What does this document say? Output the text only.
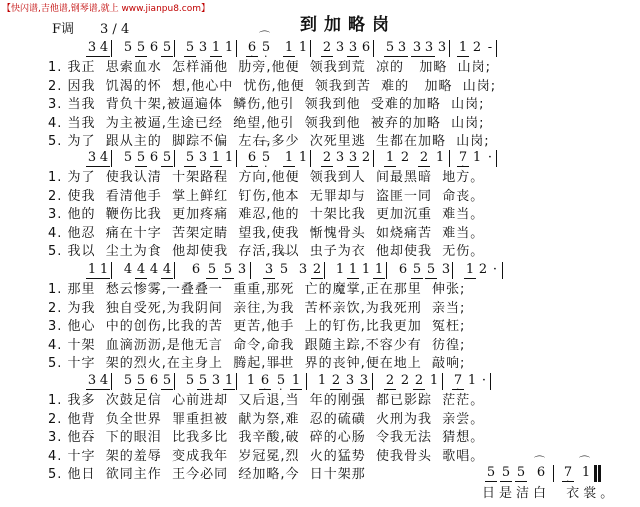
【快闪谱,吉他谱,钢琴谱,就上 www.jianpu8.com】
F调 3 / 4	到加略岗
3 4 5 5 6 5 5 3 1 1 6 · ⌒ 5 · 1 1 2 3 3 6 5 3 3 3 3 1 2 -
1. 我正  思索血水  怎样涌他  肋旁,他便  领我到荒  凉的   加略  山岗;
2. 因我  饥渴的怀  想,他心中  忧伤,他便  领我到苦  难的   加略  山岗;
3. 当我  背负十架,被逼遍体  鳞伤,他引  领我到他  受难的加略  山岗;
4. 当我  为主被逼,生途已经  绝望,他引  领我到他  被弃的加略  山岗;
5. 为了  跟从主的  脚踪不偏  左右,多少  次死里逃  生都在加略  山岗;
3 4 5 5 6 5 5 3 1 1 6 · ⌒ 5 · 1 1 2 3 3 2 1 2 2 1 7 · 1 ·
1. 为了  使我认清  十架路程  方向,他便  领我到人  间最黑暗  地方。
2. 使我  看清他手  掌上鲜红  钉伤,他本  无罪却与  盗匪一同  命丧。
3. 他的  鞭伤比我  更加疼痛  难忍,他的  十架比我  更加沉重  难当。
4. 他忍  痛在十字  苦架定睛  望我,使我  惭愧骨头  如烧痛苦  难当。
5. 我以  尘土为食  他却使我  存活,我以  虫子为衣  他却使我  无伤。
1 1 4 4 4 4 6 5 5 3 3 ⌒ 5 3 2 1 1 1 1 6 5 5 3 1 2 ·
1. 那里  愁云惨雾,一叠叠一  重重,那死  亡的魔掌,正在那里  伸张;
2. 为我  独自受死,为我阴间  亲往,为我  苦杯亲饮,为我死刑  亲当;
3. 他心  中的创伤,比我的苦  更苦,他手  上的钉伤,比我更加  冤枉;
4. 十架  血滴沥沥,是他无言  命令,命我  跟随主踪,不容少有  彷徨;
5. 十字  架的烈火,在主身上  腾起,罪世  界的丧钟,便在地上  敲响;
3 4 5 5 6 5 5 5 3 1 1 6 · ⌒ 5 · 1 1 2 3 3 2 2 2 1 7 · 1 ·
1. 我多  次鼓足信  心前进却  又后退,当  年的刚强  都已影踪  茫茫。
2. 他背  负全世界  罪重担被  献为祭,难  忍的硫磺  火刑为我  亲尝。
3. 他吞  下的眼泪  比我多比  我辛酸,破  碎的心肠  令我无法  猜想。
4. 十字  架的羞辱  变成我年  岁冠冕,烈  火的猛势  使我骨头  歌唱。
5. 他日  欲同主作  王今必同  经加略,今  日十架那	5 5 5 ⌒ 6 7 · ⌒ 1
日是洁白  衣裳。
